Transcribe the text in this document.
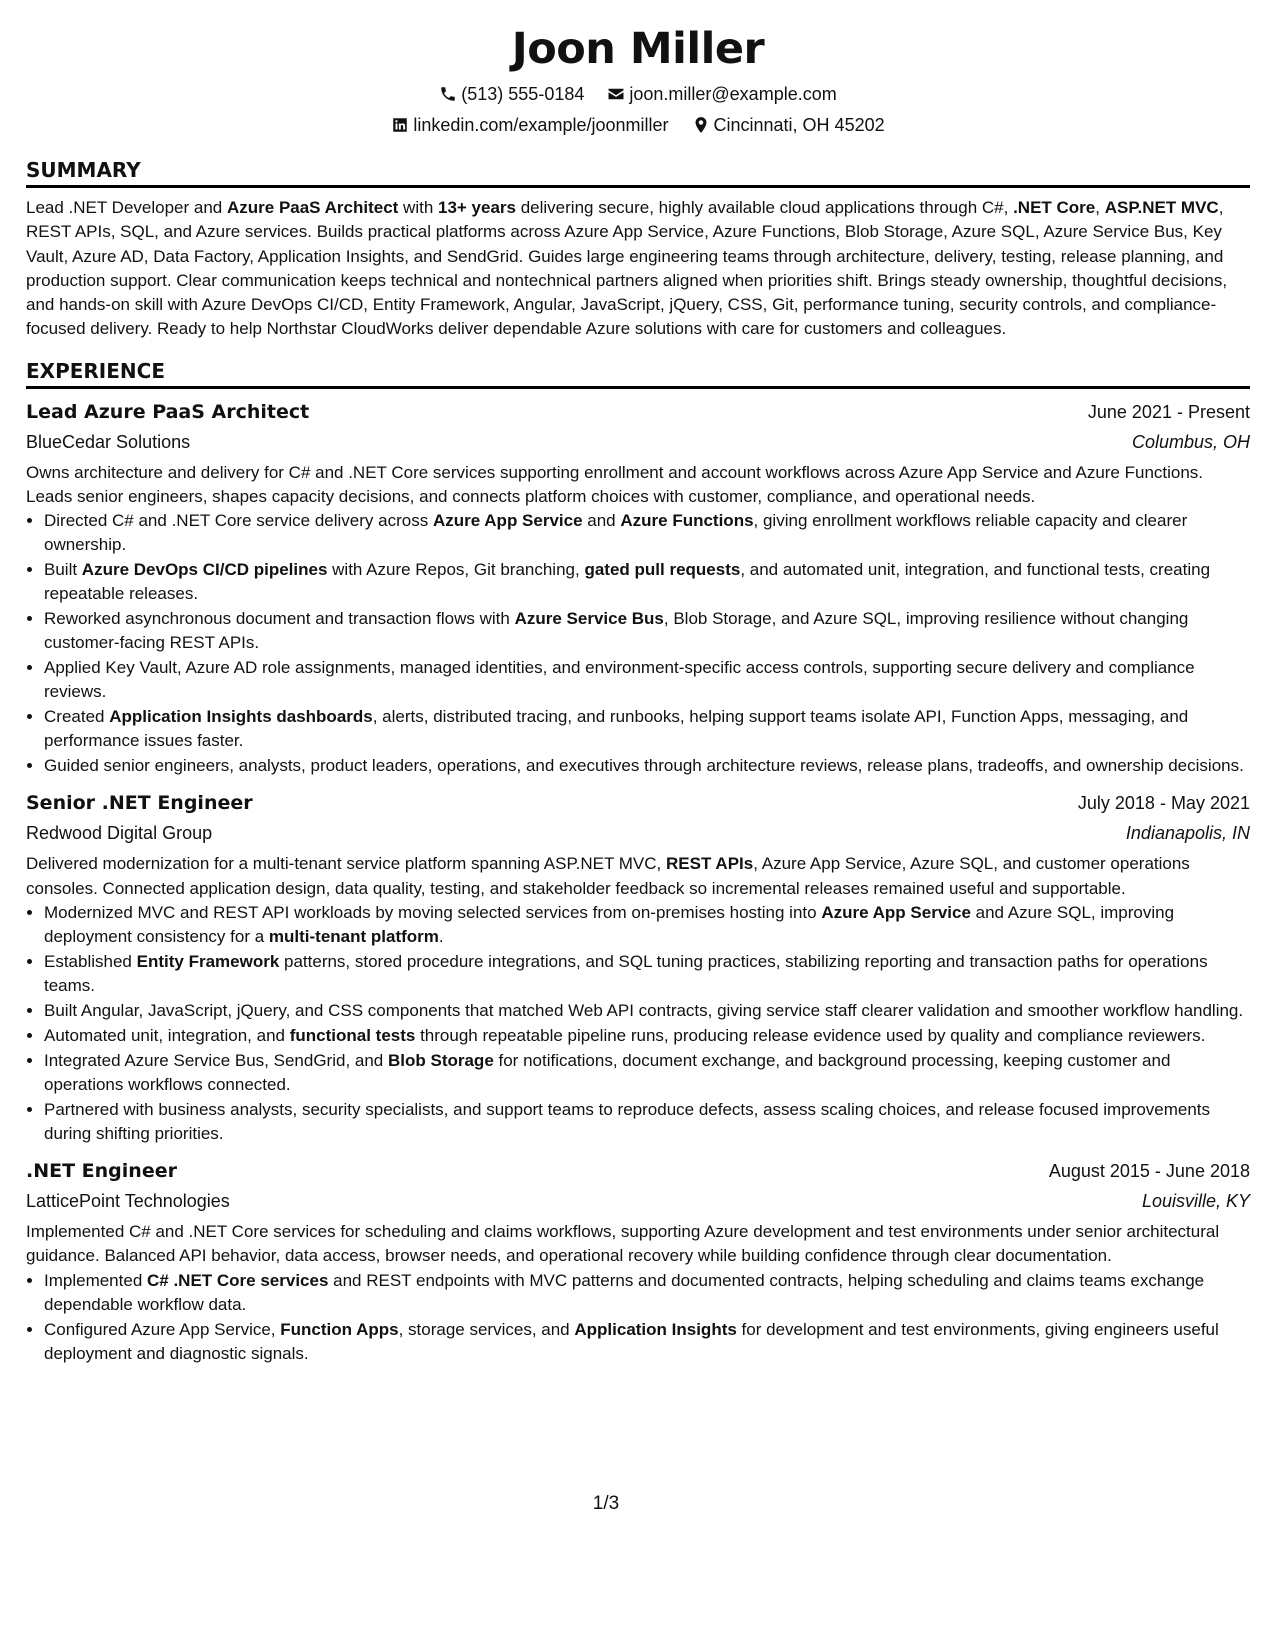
Joon Miller
(513) 555-0184	joon.miller@example.com
linkedin.com/example/joonmiller	Cincinnati, OH 45202
SUMMARY
Lead .NET Developer and Azure PaaS Architect with 13+ years delivering secure, highly available cloud applications through C#, .NET Core, ASP.NET MVC, REST APIs, SQL, and Azure services. Builds practical platforms across Azure App Service, Azure Functions, Blob Storage, Azure SQL, Azure Service Bus, Key Vault, Azure AD, Data Factory, Application Insights, and SendGrid. Guides large engineering teams through architecture, delivery, testing, release planning, and production support. Clear communication keeps technical and nontechnical partners aligned when priorities shift. Brings steady ownership, thoughtful decisions, and hands-on skill with Azure DevOps CI/CD, Entity Framework, Angular, JavaScript, jQuery, CSS, Git, performance tuning, security controls, and compliance-focused delivery. Ready to help Northstar CloudWorks deliver dependable Azure solutions with care for customers and colleagues.
EXPERIENCE
Lead Azure PaaS Architect	June 2021 - Present
BlueCedar Solutions	Columbus, OH
Owns architecture and delivery for C# and .NET Core services supporting enrollment and account workflows across Azure App Service and Azure Functions. Leads senior engineers, shapes capacity decisions, and connects platform choices with customer, compliance, and operational needs.
• Directed C# and .NET Core service delivery across Azure App Service and Azure Functions, giving enrollment workflows reliable capacity and clearer ownership.
• Built Azure DevOps CI/CD pipelines with Azure Repos, Git branching, gated pull requests, and automated unit, integration, and functional tests, creating repeatable releases.
• Reworked asynchronous document and transaction flows with Azure Service Bus, Blob Storage, and Azure SQL, improving resilience without changing customer-facing REST APIs.
• Applied Key Vault, Azure AD role assignments, managed identities, and environment-specific access controls, supporting secure delivery and compliance reviews.
• Created Application Insights dashboards, alerts, distributed tracing, and runbooks, helping support teams isolate API, Function Apps, messaging, and performance issues faster.
• Guided senior engineers, analysts, product leaders, operations, and executives through architecture reviews, release plans, tradeoffs, and ownership decisions.
Senior .NET Engineer	July 2018 - May 2021
Redwood Digital Group	Indianapolis, IN
Delivered modernization for a multi-tenant service platform spanning ASP.NET MVC, REST APIs, Azure App Service, Azure SQL, and customer operations consoles. Connected application design, data quality, testing, and stakeholder feedback so incremental releases remained useful and supportable.
• Modernized MVC and REST API workloads by moving selected services from on-premises hosting into Azure App Service and Azure SQL, improving deployment consistency for a multi-tenant platform.
• Established Entity Framework patterns, stored procedure integrations, and SQL tuning practices, stabilizing reporting and transaction paths for operations teams.
• Built Angular, JavaScript, jQuery, and CSS components that matched Web API contracts, giving service staff clearer validation and smoother workflow handling.
• Automated unit, integration, and functional tests through repeatable pipeline runs, producing release evidence used by quality and compliance reviewers.
• Integrated Azure Service Bus, SendGrid, and Blob Storage for notifications, document exchange, and background processing, keeping customer and operations workflows connected.
• Partnered with business analysts, security specialists, and support teams to reproduce defects, assess scaling choices, and release focused improvements during shifting priorities.
.NET Engineer	August 2015 - June 2018
LatticePoint Technologies	Louisville, KY
Implemented C# and .NET Core services for scheduling and claims workflows, supporting Azure development and test environments under senior architectural guidance. Balanced API behavior, data access, browser needs, and operational recovery while building confidence through clear documentation.
• Implemented C# .NET Core services and REST endpoints with MVC patterns and documented contracts, helping scheduling and claims teams exchange dependable workflow data.
• Configured Azure App Service, Function Apps, storage services, and Application Insights for development and test environments, giving engineers useful deployment and diagnostic signals.
1/3
